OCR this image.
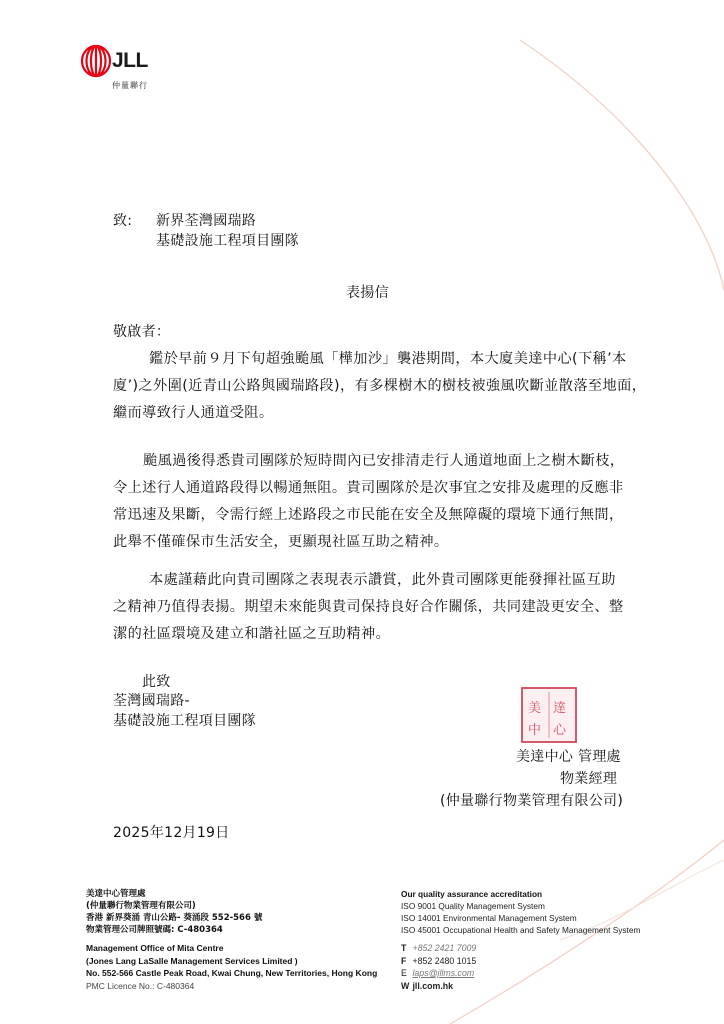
JLL
仲量聯行
致: 新界荃灣國瑞路
基礎設施工程項目團隊
表揚信
敬啟者：
鑑於早前９月下旬超強颱風「樺加沙」襲港期間，本大廈美達中心(下稱’本
廈’)之外圍(近青山公路與國瑞路段)，有多棵樹木的樹枝被強風吹斷並散落至地面，
繼而導致行人通道受阻。
颱風過後得悉貴司團隊於短時間內已安排清走行人通道地面上之樹木斷枝，
令上述行人通道路段得以暢通無阻。貴司團隊於是次事宜之安排及處理的反應非
常迅速及果斷，令需行經上述路段之市民能在安全及無障礙的環境下通行無間，
此舉不僅確保市生活安全，更顯現社區互助之精神。
本處謹藉此向貴司團隊之表現表示讚賞，此外貴司團隊更能發揮社區互助
之精神乃值得表揚。期望未來能與貴司保持良好合作關係，共同建設更安全、整
潔的社區環境及建立和諧社區之互助精神。
此致
荃灣國瑞路-
基礎設施工程項目團隊
美 達
中 心
美達中心 管理處
物業經理
(仲量聯行物業管理有限公司)
2025年12月19日
美達中心管理處
(仲量聯行物業管理有限公司)
香港 新界葵涌 青山公路- 葵涌段 552-566 號
物業管理公司牌照號碼: C-480364
Management Office of Mita Centre
(Jones Lang LaSalle Management Services Limited )
No. 552-566 Castle Peak Road, Kwai Chung, New Territories, Hong Kong
PMC Licence No.: C-480364
Our quality assurance accreditation
ISO 9001 Quality Management System
ISO 14001 Environmental Management System
ISO 45001 Occupational Health and Safety Management System
T +852 2421 7009
F +852 2480 1015
E laps@jllms.com
W jll.com.hk
